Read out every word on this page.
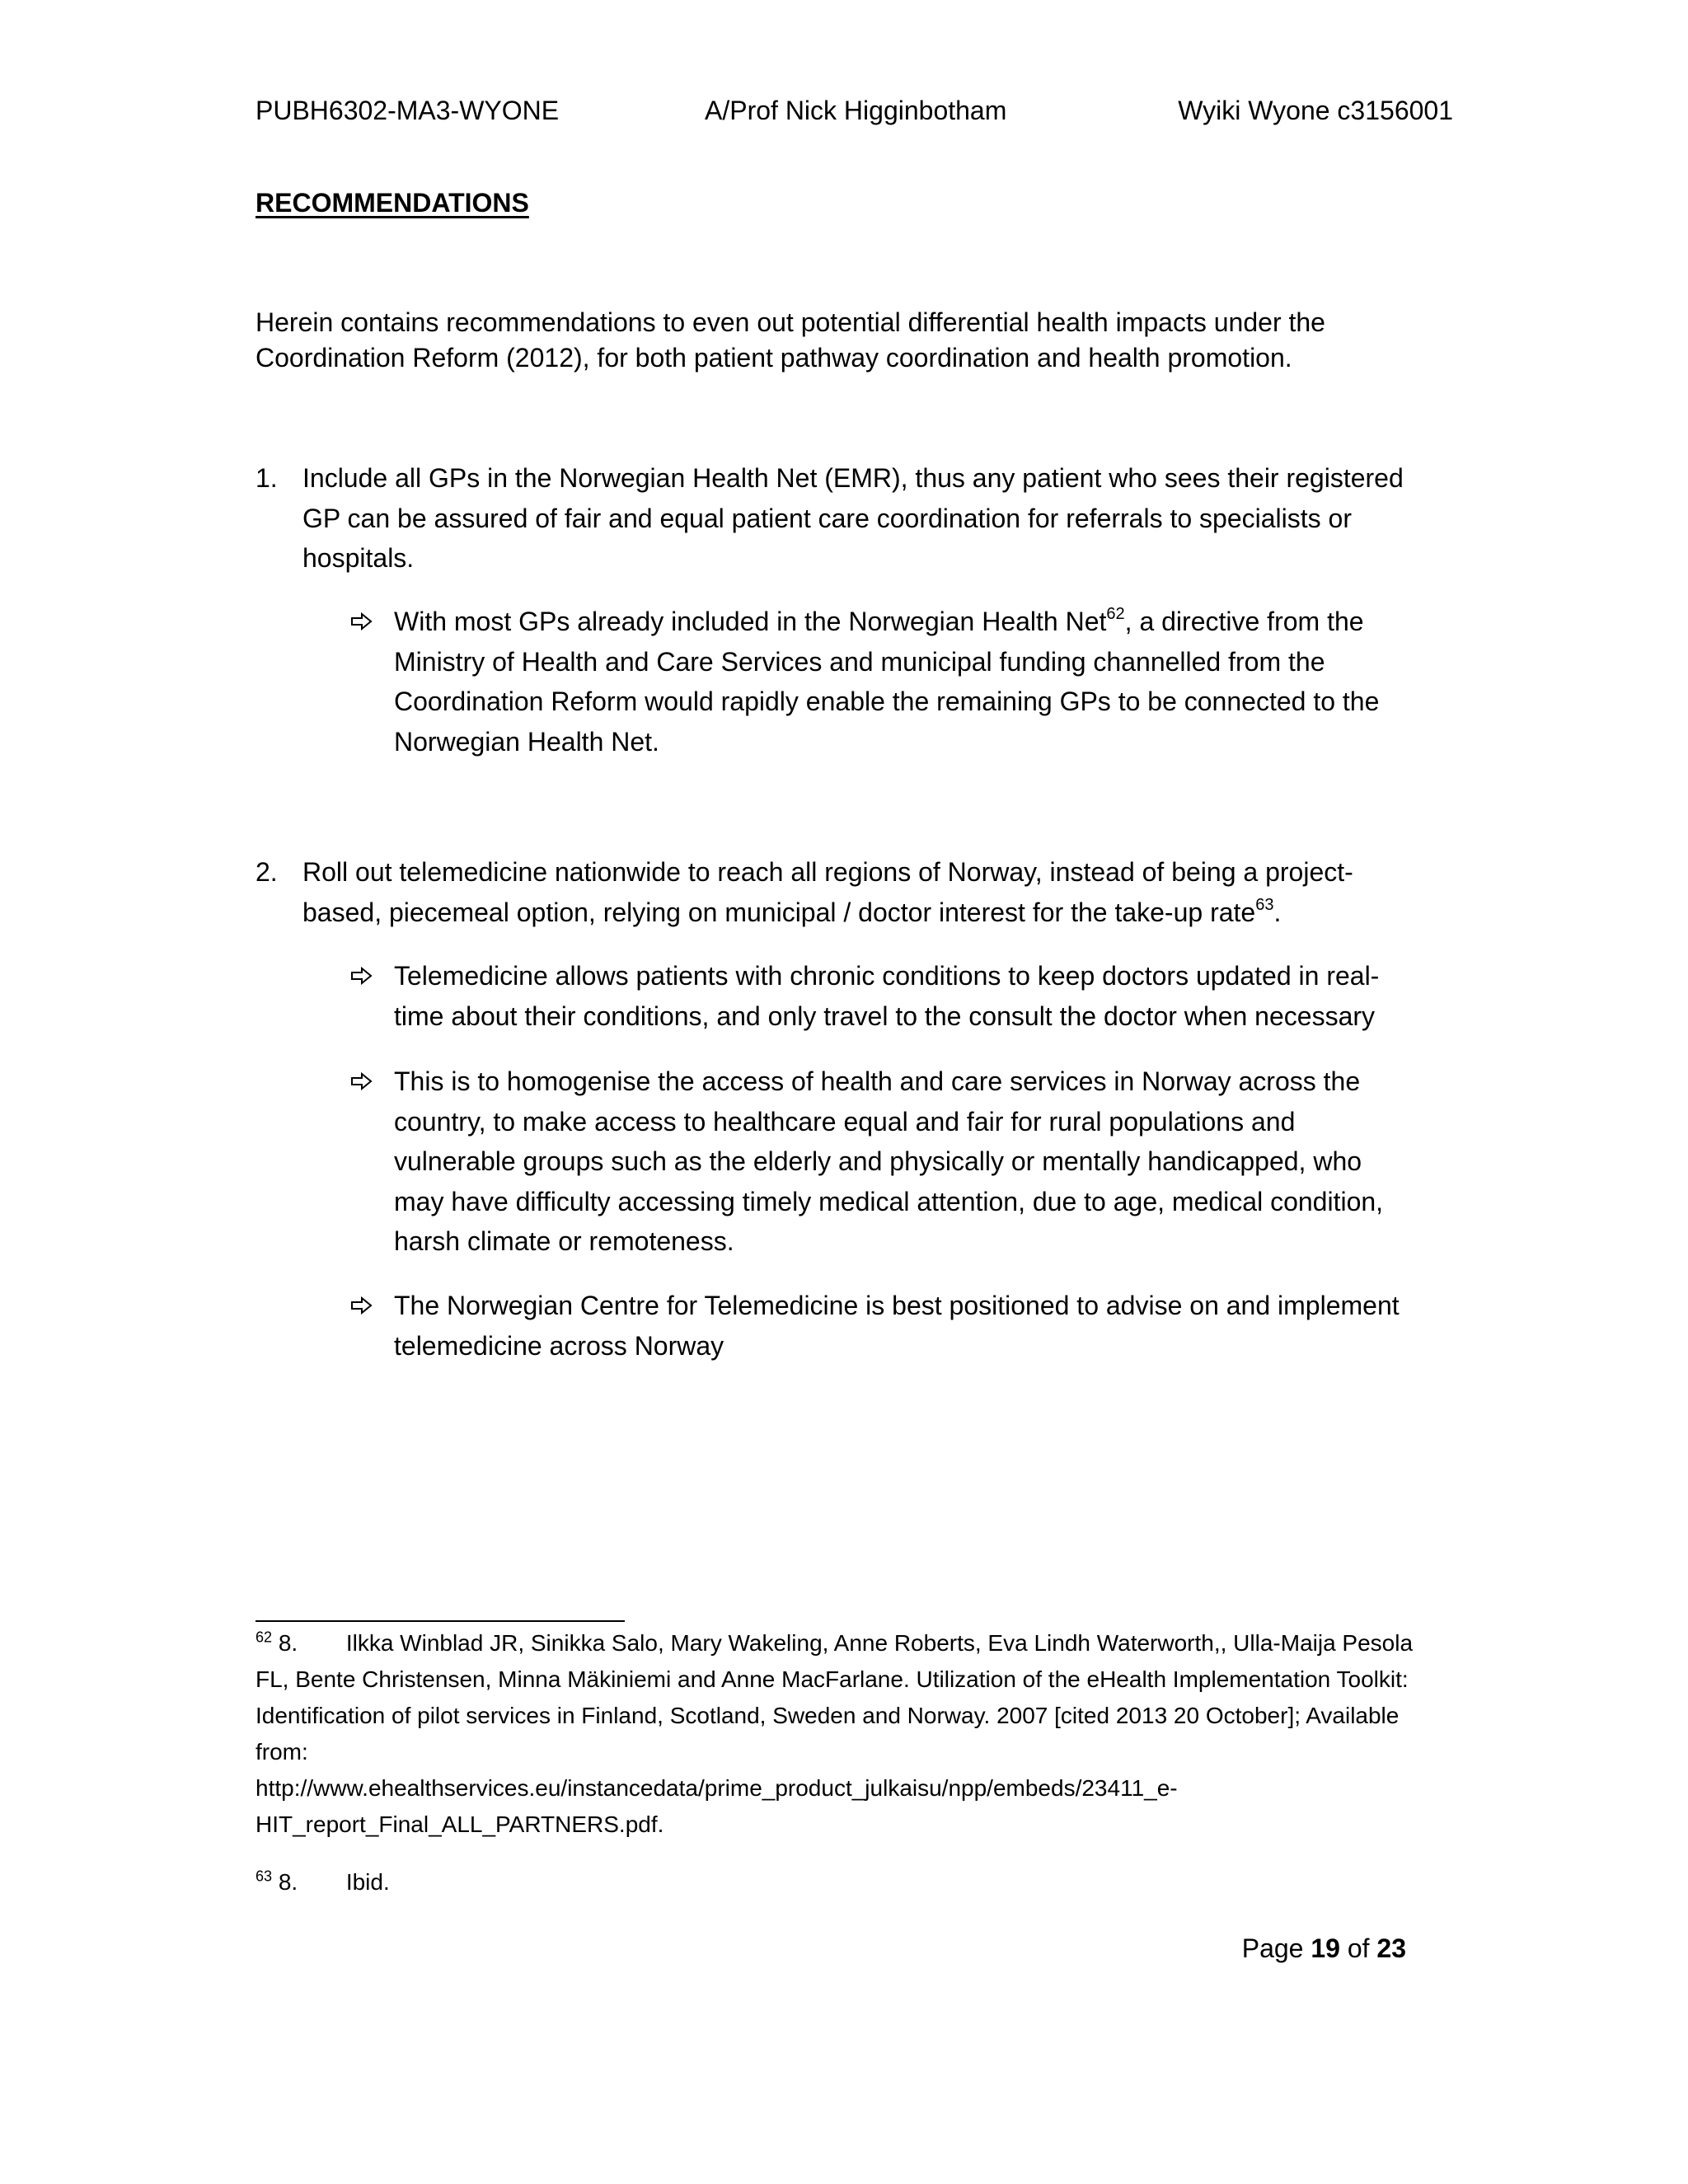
PUBH6302-MA3-WYONE	A/Prof Nick Higginbotham	Wyiki Wyone c3156001
RECOMMENDATIONS
Herein contains recommendations to even out potential differential health impacts under the
Coordination Reform (2012), for both patient pathway coordination and health promotion.
1. Include all GPs in the Norwegian Health Net (EMR), thus any patient who sees their registered GP can be assured of fair and equal patient care coordination for referrals to specialists or hospitals.
With most GPs already included in the Norwegian Health Net$^{62}$, a directive from the Ministry of Health and Care Services and municipal funding channelled from the Coordination Reform would rapidly enable the remaining GPs to be connected to the Norwegian Health Net.
2. Roll out telemedicine nationwide to reach all regions of Norway, instead of being a project-
based, piecemeal option, relying on municipal / doctor interest for the take-up rate$^{63}$.
Telemedicine allows patients with chronic conditions to keep doctors updated in real-
time about their conditions, and only travel to the consult the doctor when necessary
This is to homogenise the access of health and care services in Norway across the country, to make access to healthcare equal and fair for rural populations and vulnerable groups such as the elderly and physically or mentally handicapped, who may have difficulty accessing timely medical attention, due to age, medical condition, harsh climate or remoteness.
The Norwegian Centre for Telemedicine is best positioned to advise on and implement telemedicine across Norway
$^{62}$ 8. Ilkka Winblad JR, Sinikka Salo, Mary Wakeling, Anne Roberts, Eva Lindh Waterworth,, Ulla-Maija Pesola FL, Bente Christensen, Minna Mäkiniemi and Anne MacFarlane. Utilization of the eHealth Implementation Toolkit: Identification of pilot services in Finland, Scotland, Sweden and Norway. 2007 [cited 2013 20 October]; Available from:
http://www.ehealthservices.eu/instancedata/prime_product_julkaisu/npp/embeds/23411_e-
HIT_report_Final_ALL_PARTNERS.pdf.
$^{63}$ 8. Ibid.
Page 19 of 23
